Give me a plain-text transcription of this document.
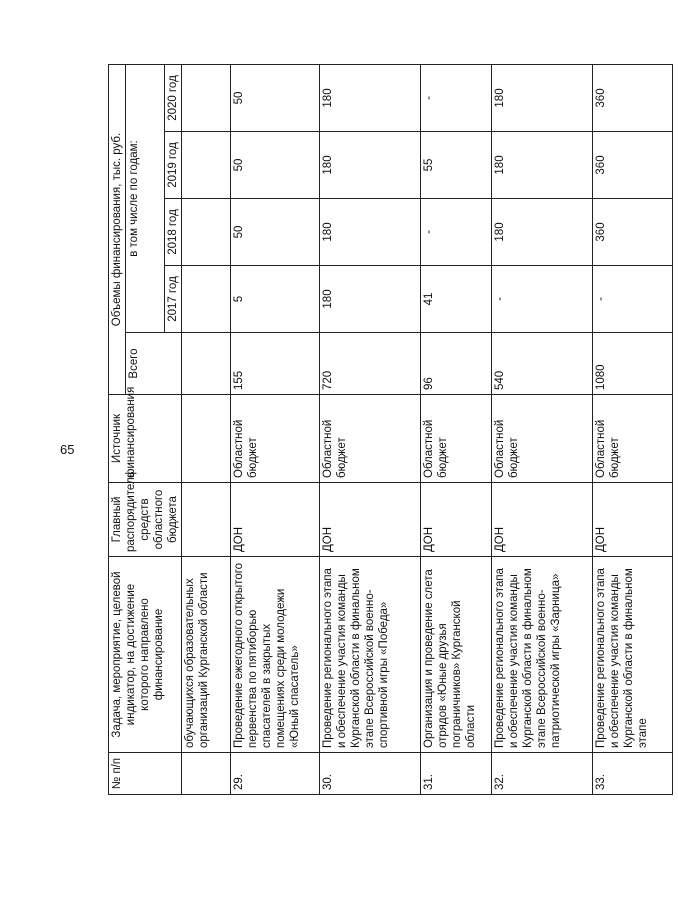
65
№ п/п	Задача, мероприятие, целевой индикатор, на достижение которого направлено финансирование	Главный распорядитель средств областного бюджета	Источник финансирования	Объемы финансирования, тыс. руб.				
				Всего	в том числе по годам:			
					2017 год	2018 год	2019 год	2020 год
	обучающихся образовательных организаций Курганской области							
29.	Проведение ежегодного открытого первенства по пятиборью спасателей в закрытых помещениях среди молодежи «Юный спасатель»	ДОН	Областной бюджет	155	5	50	50	50
30.	Проведение регионального этапа и обеспечение участия команды Курганской области в финальном этапе Всероссийской военно-спортивной игры «Победа»	ДОН	Областной бюджет	720	180	180	180	180
31.	Организация и проведение слета отрядов «Юные друзья пограничников» Курганской области	ДОН	Областной бюджет	96	41	-	55	-
32.	Проведение регионального этапа и обеспечение участия команды Курганской области в финальном этапе Всероссийской военно-патриотической игры «Зарница»	ДОН	Областной бюджет	540	-	180	180	180
33.	Проведение регионального этапа и обеспечение участия команды Курганской области в финальном этапе	ДОН	Областной бюджет	1080	-	360	360	360
